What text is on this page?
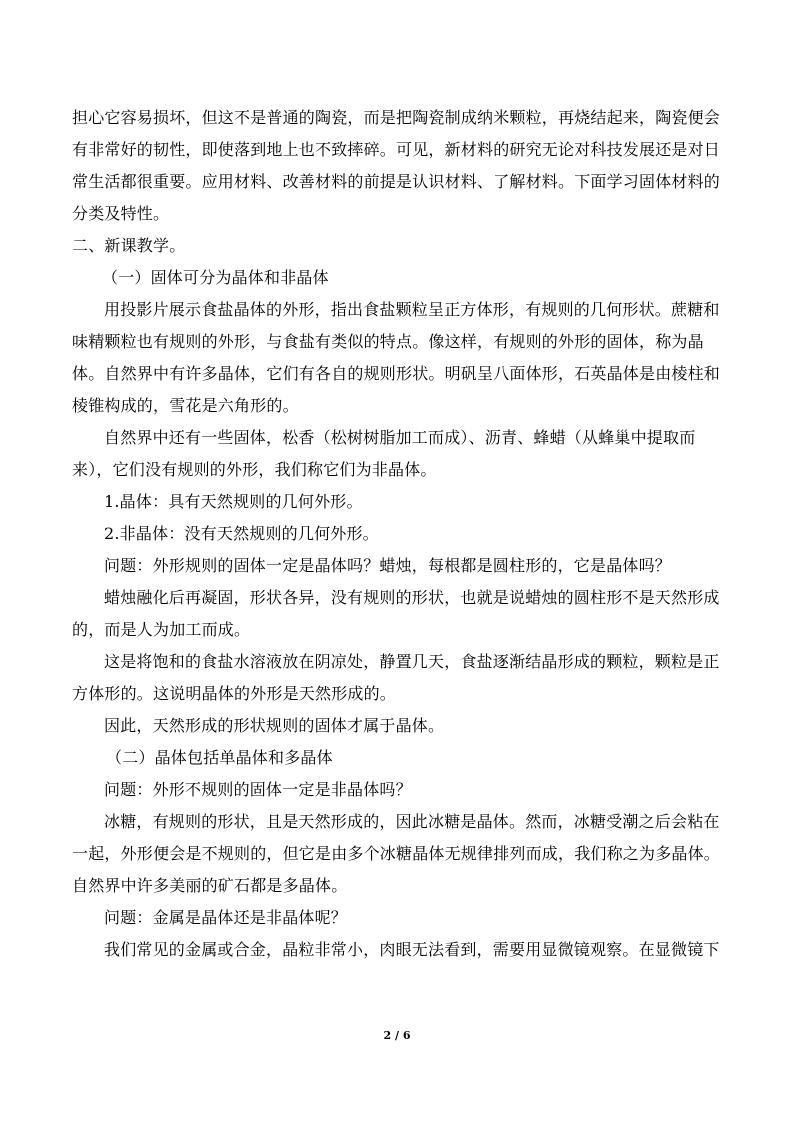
担心它容易损坏，但这不是普通的陶瓷，而是把陶瓷制成纳米颗粒，再烧结起来，陶瓷便会
有非常好的韧性，即使落到地上也不致摔碎。可见，新材料的研究无论对科技发展还是对日
常生活都很重要。应用材料、改善材料的前提是认识材料、了解材料。下面学习固体材料的
分类及特性。
二、新课教学。
（一）固体可分为晶体和非晶体
用投影片展示食盐晶体的外形，指出食盐颗粒呈正方体形，有规则的几何形状。蔗糖和
味精颗粒也有规则的外形，与食盐有类似的特点。像这样，有规则的外形的固体，称为晶
体。自然界中有许多晶体，它们有各自的规则形状。明矾呈八面体形，石英晶体是由棱柱和
棱锥构成的，雪花是六角形的。
自然界中还有一些固体，松香（松树树脂加工而成）、沥青、蜂蜡（从蜂巢中提取而
来），它们没有规则的外形，我们称它们为非晶体。
1.晶体：具有天然规则的几何外形。
2.非晶体：没有天然规则的几何外形。
问题：外形规则的固体一定是晶体吗？蜡烛，每根都是圆柱形的，它是晶体吗？
蜡烛融化后再凝固，形状各异，没有规则的形状，也就是说蜡烛的圆柱形不是天然形成
的，而是人为加工而成。
这是将饱和的食盐水溶液放在阴凉处，静置几天，食盐逐渐结晶形成的颗粒，颗粒是正
方体形的。这说明晶体的外形是天然形成的。
因此，天然形成的形状规则的固体才属于晶体。
（二）晶体包括单晶体和多晶体
问题：外形不规则的固体一定是非晶体吗？
冰糖，有规则的形状，且是天然形成的，因此冰糖是晶体。然而，冰糖受潮之后会粘在
一起，外形便会是不规则的，但它是由多个冰糖晶体无规律排列而成，我们称之为多晶体。
自然界中许多美丽的矿石都是多晶体。
问题：金属是晶体还是非晶体呢？
我们常见的金属或合金，晶粒非常小，肉眼无法看到，需要用显微镜观察。在显微镜下
2 / 6
